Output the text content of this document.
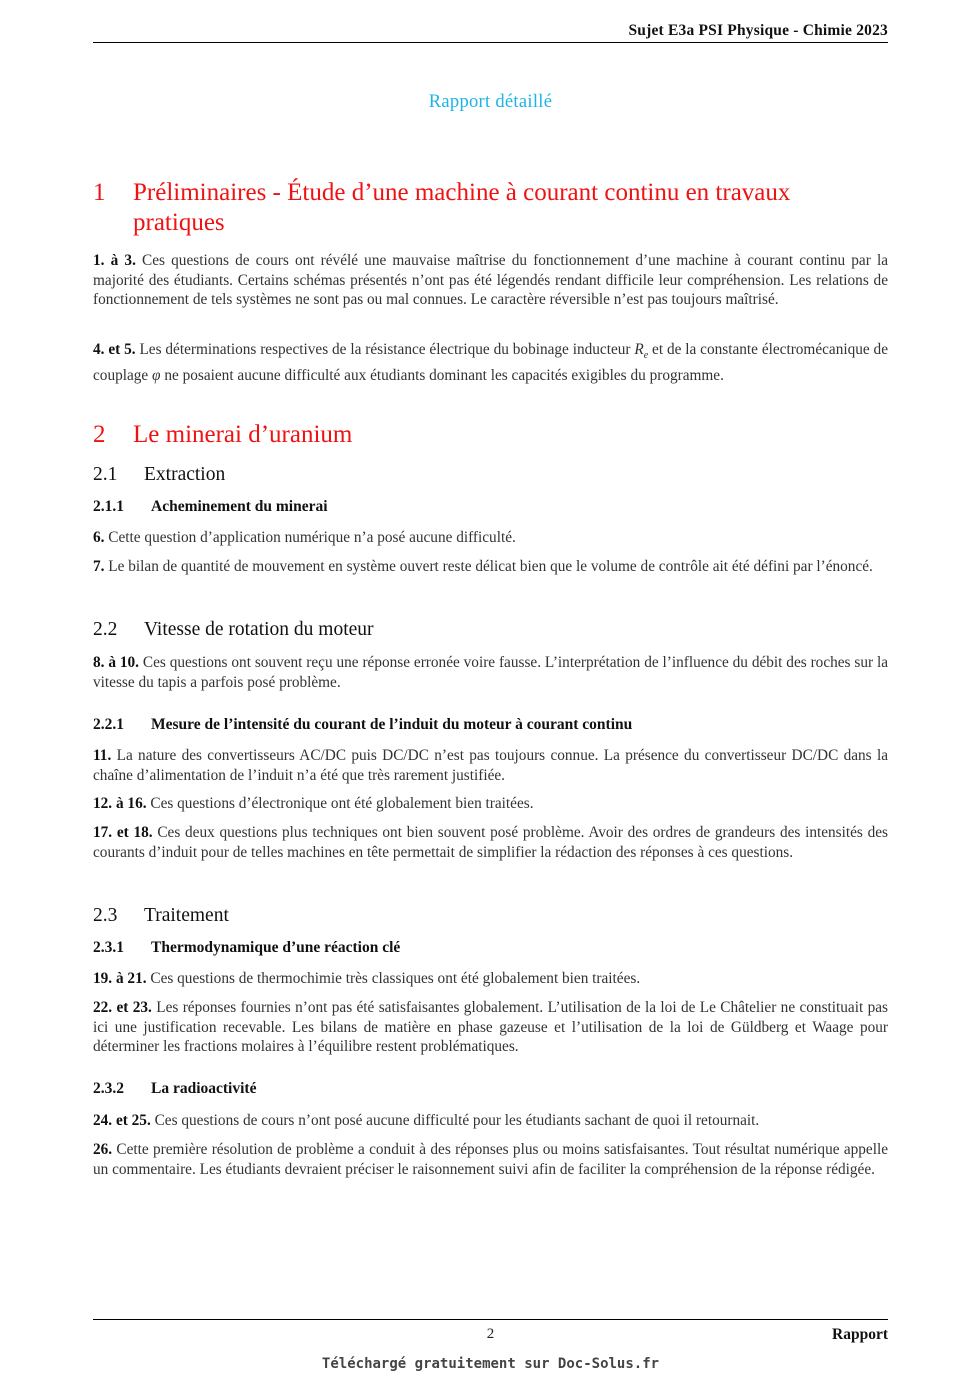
Sujet E3a PSI Physique - Chimie 2023
Rapport détaillé
1 Préliminaires - Étude d’une machine à courant continu en travaux pratiques
1. à 3. Ces questions de cours ont révélé une mauvaise maîtrise du fonctionnement d’une machine à courant continu par la majorité des étudiants. Certains schémas présentés n’ont pas été légendés rendant difficile leur compréhension. Les relations de fonctionnement de tels systèmes ne sont pas ou mal connues. Le caractère réversible n’est pas toujours maîtrisé.
4. et 5. Les déterminations respectives de la résistance électrique du bobinage inducteur $R_e$ et de la constante électromécanique de couplage φ ne posaient aucune difficulté aux étudiants dominant les capacités exigibles du programme.
2 Le minerai d’uranium
2.1 Extraction
2.1.1 Acheminement du minerai
6. Cette question d’application numérique n’a posé aucune difficulté.
7. Le bilan de quantité de mouvement en système ouvert reste délicat bien que le volume de contrôle ait été défini par l’énoncé.
2.2 Vitesse de rotation du moteur
8. à 10. Ces questions ont souvent reçu une réponse erronée voire fausse. L’interprétation de l’influence du débit des roches sur la vitesse du tapis a parfois posé problème.
2.2.1 Mesure de l’intensité du courant de l’induit du moteur à courant continu
11. La nature des convertisseurs AC/DC puis DC/DC n’est pas toujours connue. La présence du convertisseur DC/DC dans la chaîne d’alimentation de l’induit n’a été que très rarement justifiée.
12. à 16. Ces questions d’électronique ont été globalement bien traitées.
17. et 18. Ces deux questions plus techniques ont bien souvent posé problème. Avoir des ordres de grandeurs des intensités des courants d’induit pour de telles machines en tête permettait de simplifier la rédaction des réponses à ces questions.
2.3 Traitement
2.3.1 Thermodynamique d’une réaction clé
19. à 21. Ces questions de thermochimie très classiques ont été globalement bien traitées.
22. et 23. Les réponses fournies n’ont pas été satisfaisantes globalement. L’utilisation de la loi de Le Châtelier ne constituait pas ici une justification recevable. Les bilans de matière en phase gazeuse et l’utilisation de la loi de Güldberg et Waage pour déterminer les fractions molaires à l’équilibre restent problématiques.
2.3.2 La radioactivité
24. et 25. Ces questions de cours n’ont posé aucune difficulté pour les étudiants sachant de quoi il retournait.
26. Cette première résolution de problème a conduit à des réponses plus ou moins satisfaisantes. Tout résultat numérique appelle un commentaire. Les étudiants devraient préciser le raisonnement suivi afin de faciliter la compréhension de la réponse rédigée.
2	Rapport
Téléchargé gratuitement sur Doc-Solus.fr
